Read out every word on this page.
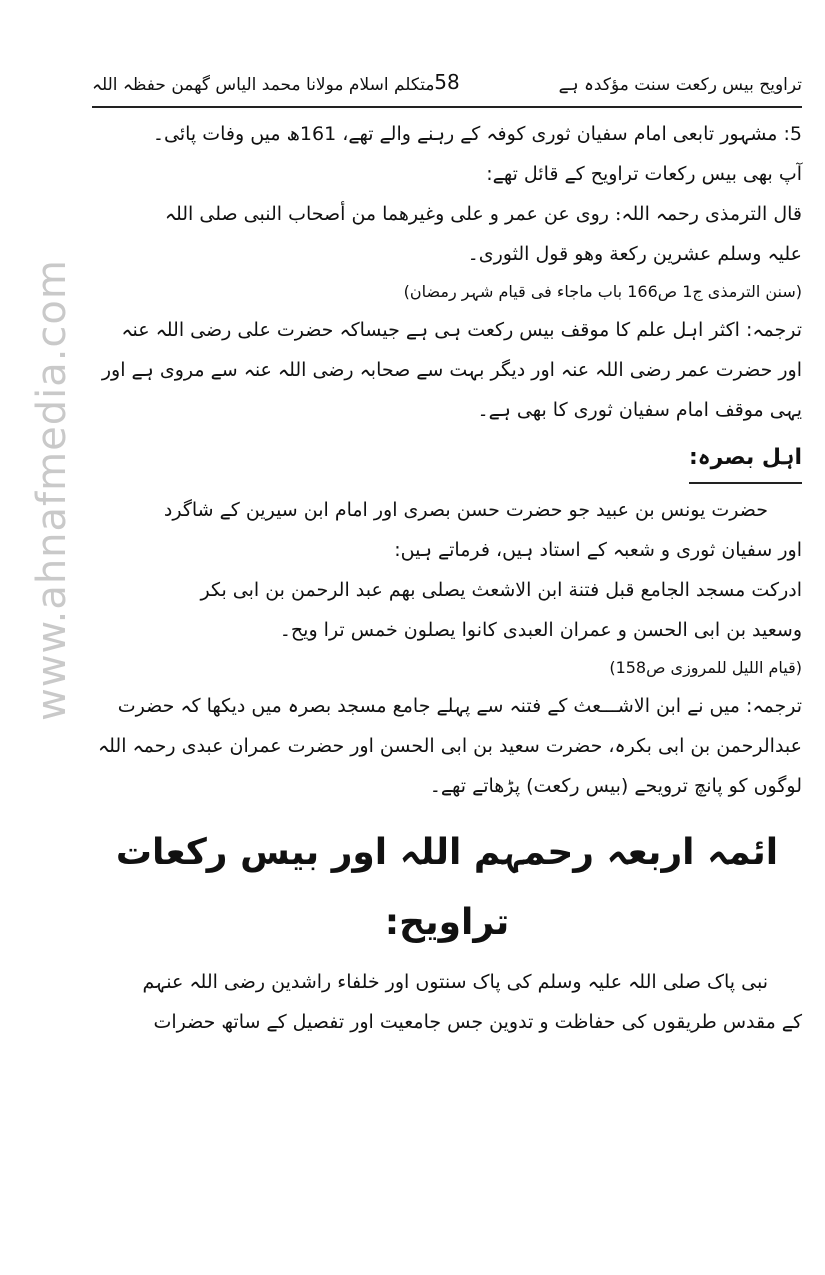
www.ahnafmedia.com
تراویح بیس رکعت سنت مؤکدہ ہے
58
متکلم اسلام مولانا محمد الیاس گھمن حفظہ اللہ

5: مشہور تابعی امام سفیان ثوری کوفہ کے رہنے والے تھے، 161ھ میں وفات پائی۔

آپ بھی بیس رکعات تراویح کے قائل تھے:

قال الترمذی رحمہ اللہ: روی عن عمر و علی وغیرھما من أصحاب النبی صلی اللہ

علیہ وسلم عشرین رکعة وھو قول الثوری۔

(سنن الترمذی ج1 ص166 باب ماجاء فی قیام شہر رمضان)

ترجمہ: اکثر اہل علم کا موقف بیس رکعت ہی ہے جیساکہ حضرت علی رضی اللہ عنہ

اور حضرت عمر رضی اللہ عنہ اور دیگر بہت سے صحابہ رضی اللہ عنہ سے مروی ہے اور

یہی موقف امام سفیان ثوری کا بھی ہے۔

اہل بصرہ:

حضرت یونس بن عبید جو حضرت حسن بصری اور امام ابن سیرین کے شاگرد

اور سفیان ثوری و شعبہ کے استاد ہیں، فرماتے ہیں:

ادرکت مسجد الجامع قبل فتنة ابن الاشعث یصلی بھم عبد الرحمن بن ابی بکر

وسعید بن ابی الحسن و عمران العبدی کانوا یصلون خمس ترا ویح۔

(قیام اللیل للمروزی ص158)

ترجمہ: میں نے ابن الاشـــعث کے فتنہ سے پہلے جامع مسجد بصرہ میں دیکھا کہ حضرت

عبدالرحمن بن ابی بکرہ، حضرت سعید بن ابی الحسن اور حضرت عمران عبدی رحمہ اللہ

لوگوں کو پانچ ترویحے (بیس رکعت) پڑھاتے تھے۔

ائمہ اربعہ رحمہم اللہ اور بیس رکعات تراویح:

نبی پاک صلی اللہ علیہ وسلم کی پاک سنتوں اور خلفاء راشدین رضی اللہ عنہم

کے مقدس طریقوں کی حفاظت و تدوین جس جامعیت اور تفصیل کے ساتھ حضرات
